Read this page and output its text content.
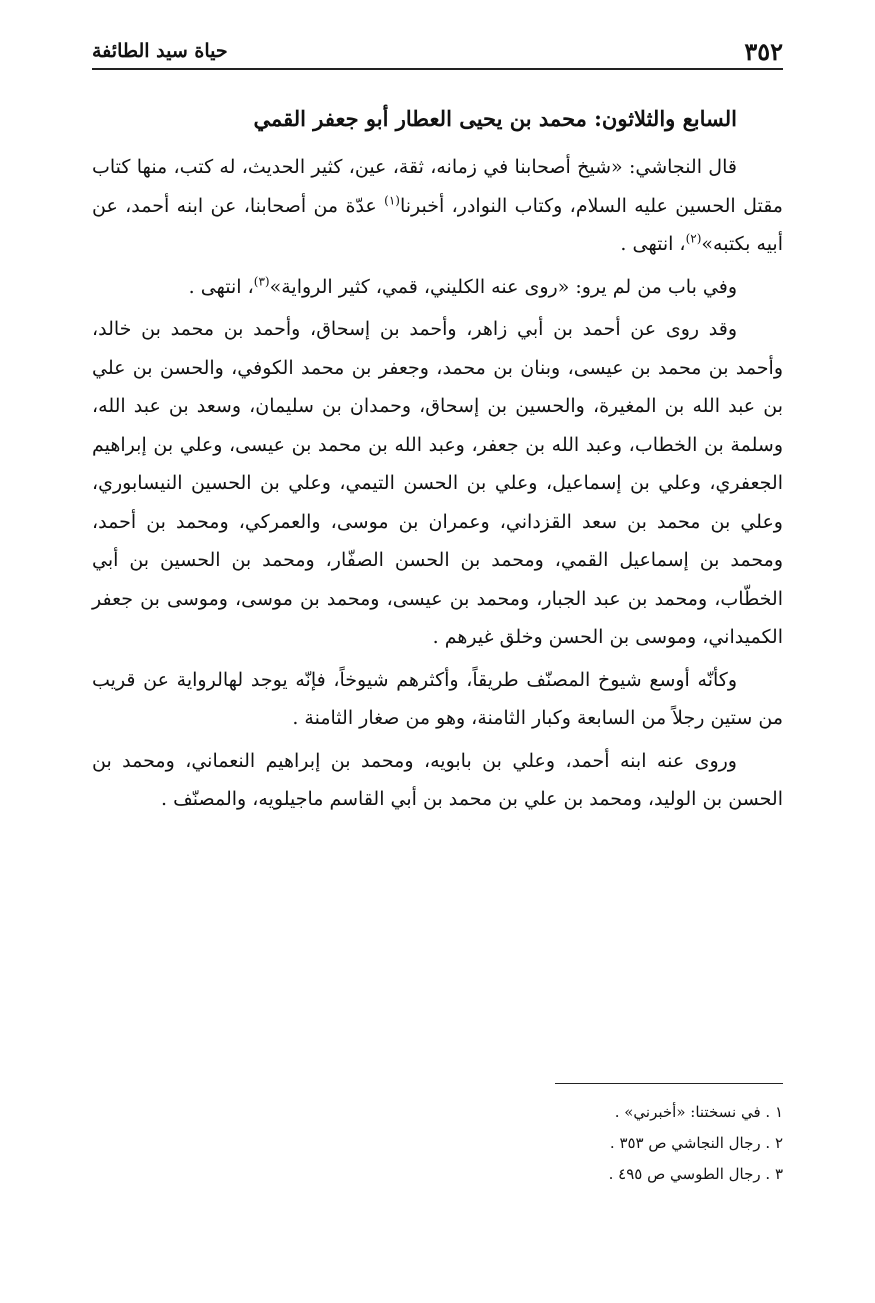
٣٥٢
حياة سيد الطائفة
السابع والثلاثون: محمد بن يحيى العطار أبو جعفر القمي

قال النجاشي: «شيخ أصحابنا في زمانه، ثقة، عين، كثير الحديث، له كتب، منها كتاب مقتل الحسين عليه السلام، وكتاب النوادر، أخبرنا$^{(١)}$ عدّة من أصحابنا، عن ابنه أحمد، عن أبيه بكتبه»$^{(٢)}$، انتهى .

وفي باب من لم يرو: «روى عنه الكليني، قمي، كثير الرواية»$^{(٣)}$، انتهى .

وقد روى عن أحمد بن أبي زاهر، وأحمد بن إسحاق، وأحمد بن محمد بن خالد، وأحمد بن محمد بن عيسى، وبنان بن محمد، وجعفر بن محمد الكوفي، والحسن بن علي بن عبد الله بن المغيرة، والحسين بن إسحاق، وحمدان بن سليمان، وسعد بن عبد الله، وسلمة بن الخطاب، وعبد الله بن جعفر، وعبد الله بن محمد بن عيسى، وعلي بن إبراهيم الجعفري، وعلي بن إسماعيل، وعلي بن الحسن التيمي، وعلي بن الحسين النيسابوري، وعلي بن محمد بن سعد القزداني، وعمران بن موسى، والعمركي، ومحمد بن أحمد، ومحمد بن إسماعيل القمي، ومحمد بن الحسن الصفّار، ومحمد بن الحسين بن أبي الخطّاب، ومحمد بن عبد الجبار، ومحمد بن عيسى، ومحمد بن موسى، وموسى بن جعفر الكميداني، وموسى بن الحسن وخلق غيرهم .

وكأنّه أوسع شيوخ المصنّف طريقاً، وأكثرهم شيوخاً، فإنّه يوجد لهالرواية عن قريب من ستين رجلاً من السابعة وكبار الثامنة، وهو من صغار الثامنة .

وروى عنه ابنه أحمد، وعلي بن بابويه، ومحمد بن إبراهيم النعماني، ومحمد بن الحسن بن الوليد، ومحمد بن علي بن محمد بن أبي القاسم ماجيلويه، والمصنّف .

١ . في نسختنا: «أخبرني» .
٢ . رجال النجاشي ص ٣٥٣ .
٣ . رجال الطوسي ص ٤٩٥ .
